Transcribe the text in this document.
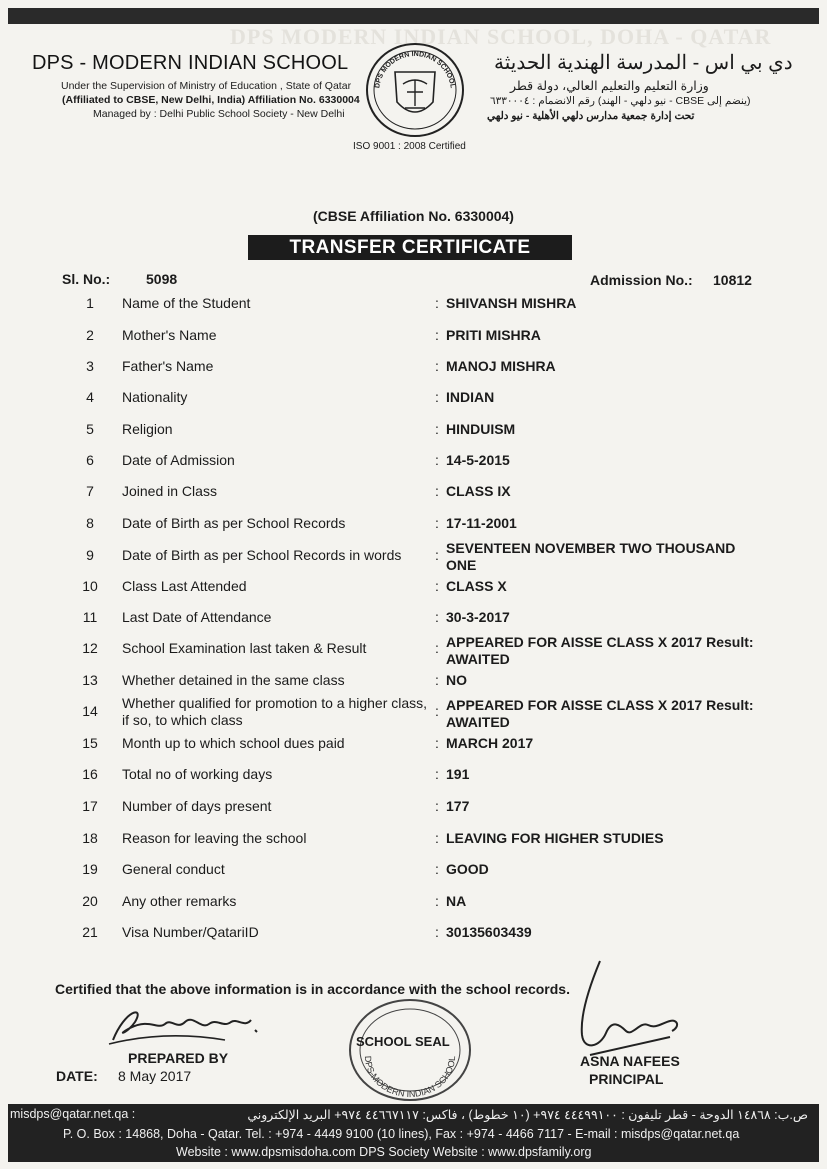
DPS MODERN INDIAN SCHOOL, DOHA - QATAR
DPS - MODERN INDIAN SCHOOL
Under the Supervision of Ministry of Education , State of Qatar
(Affiliated to CBSE, New Delhi, India) Affiliation No. 6330004
Managed by : Delhi Public School Society - New Delhi
دي بي اس - المدرسة الهندية الحديثة
وزارة التعليم والتعليم العالي، دولة قطر
(ينضم إلى CBSE - نيو دلهي - الهند) رقم الانضمام : ٦٣٣٠٠٠٤
تحت إدارة جمعية مدارس دلهي الأهلية - نيو دلهي
DPS MODERN INDIAN SCHOOL
ISO 9001 : 2008 Certified
(CBSE Affiliation No. 6330004)
TRANSFER CERTIFICATE
Sl. No.:	5098	Admission No.: 10812
1	Name of the Student	: SHIVANSH MISHRA
2	Mother's Name	: PRITI MISHRA
3	Father's Name	: MANOJ MISHRA
4	Nationality	: INDIAN
5	Religion	: HINDUISM
6	Date of Admission	: 14-5-2015
7	Joined in Class	: CLASS IX
8	Date of Birth as per School Records	: 17-11-2001
9	Date of Birth as per School Records in words	: SEVENTEEN NOVEMBER TWO THOUSAND ONE
10	Class Last Attended	: CLASS X
11	Last Date of Attendance	: 30-3-2017
12	School Examination last taken & Result	: APPEARED FOR AISSE CLASS X 2017 Result: AWAITED
13	Whether detained in the same class	: NO
14	Whether qualified for promotion to a higher class, if so, to which class
: APPEARED FOR AISSE CLASS X 2017 Result: AWAITED
15	Month up to which school dues paid	: MARCH 2017
16	Total no of working days	: 191
17	Number of days present	: 177
18	Reason for leaving the school	: LEAVING FOR HIGHER STUDIES
19	General conduct	: GOOD
20	Any other remarks	: NA
21	Visa Number/QatariID	: 30135603439
Certified that the above information is in accordance with the school records.
PREPARED BY
DATE: 8 May 2017
DPS-MODERN INDIAN SCHOOL
SCHOOL SEAL
ASNA NAFEES
PRINCIPAL
misdps@qatar.net.qa :	ص.ب: ١٤٨٦٨ الدوحة - قطر تليفون : ٤٤٤٩٩١٠٠ ٩٧٤+ (١٠ خطوط) ، فاكس: ٤٤٦٦٧١١٧ ٩٧٤+ البريد الإلكتروني
P. O. Box : 14868, Doha - Qatar. Tel. : +974 - 4449 9100 (10 lines), Fax : +974 - 4466 7117 - E-mail : misdps@qatar.net.qa
Website : www.dpsmisdoha.com DPS Society Website : www.dpsfamily.org
